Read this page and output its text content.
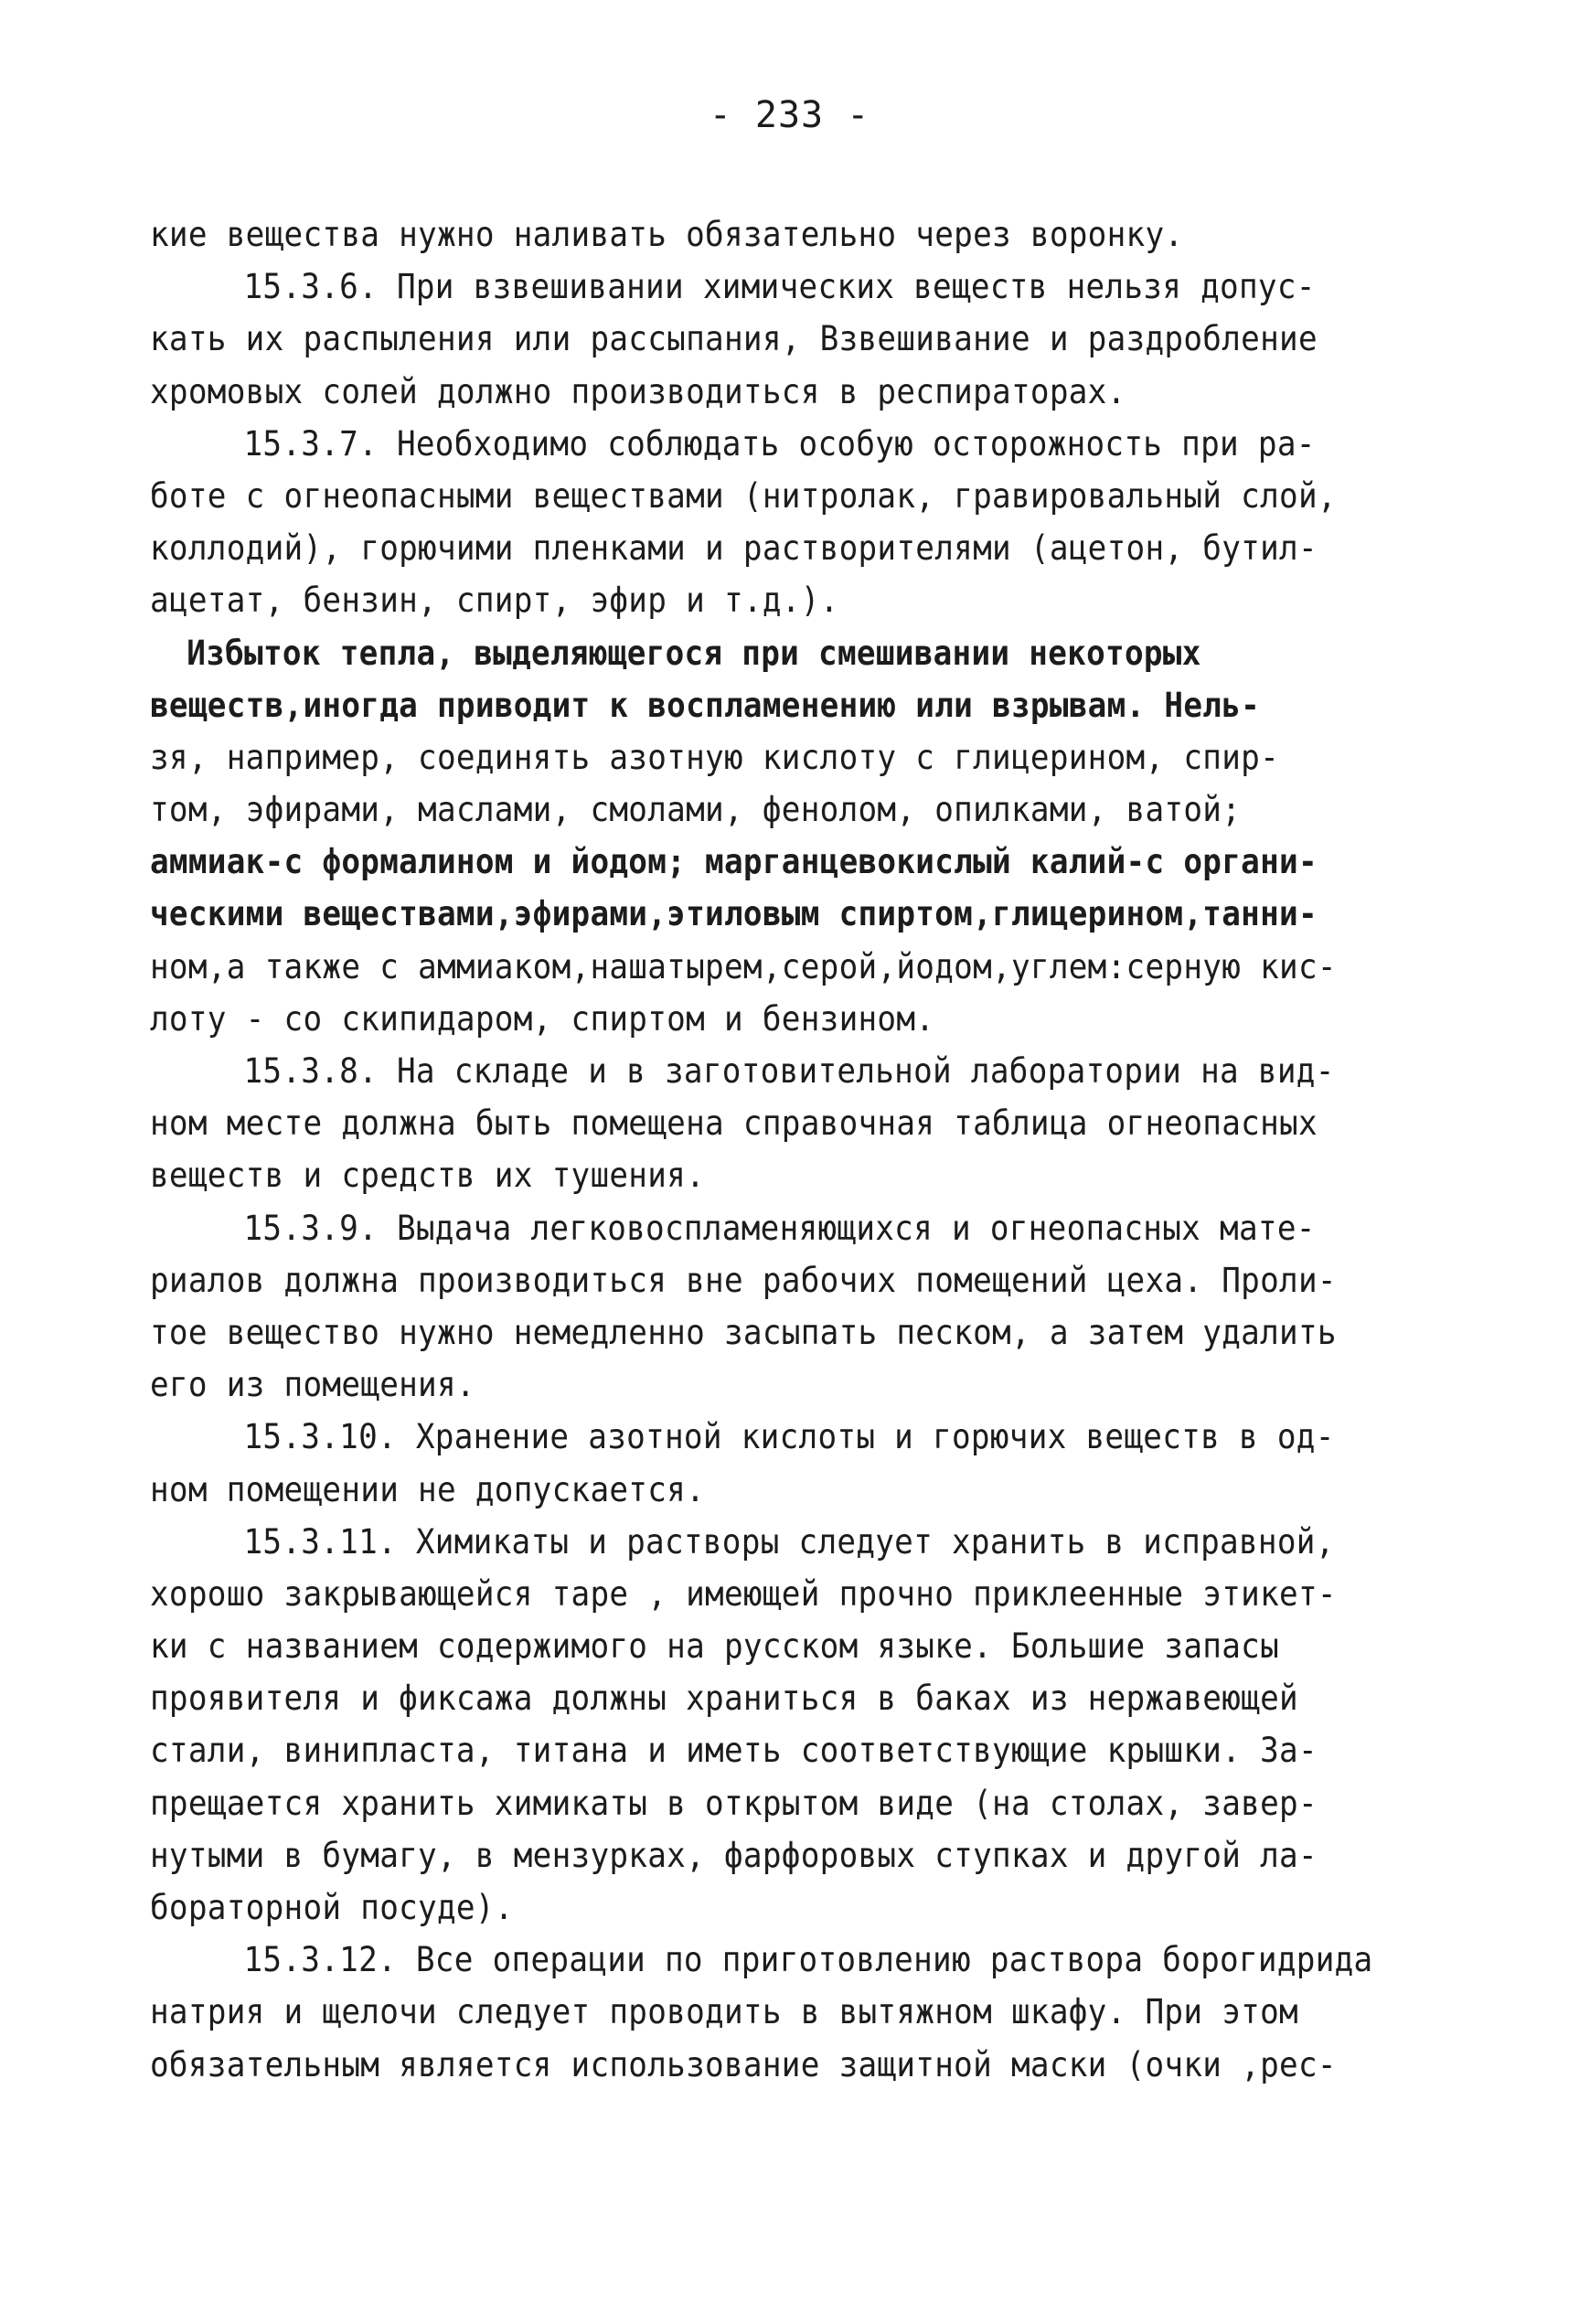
- 233 -
кие вещества нужно наливать обязательно через воронку.
15.3.6. При взвешивании химических веществ нельзя допус-
кать их распыления или рассыпания, Взвешивание и раздробление
хромовых солей должно производиться в респираторах.
15.3.7. Необходимо соблюдать особую осторожность при ра-
боте с огнеопасными веществами (нитролак, гравировальный слой,
коллодий), горючими пленками и растворителями (ацетон, бутил-
ацетат, бензин, спирт, эфир и т.д.).
Избыток тепла, выделяющегося при смешивании некоторых
веществ,иногда приводит к воспламенению или взрывам. Нель-
зя, например, соединять азотную кислоту с глицерином, спир-
том, эфирами, маслами, смолами, фенолом, опилками, ватой;
аммиак-с формалином и йодом; марганцевокислый калий-с органи-
ческими веществами,эфирами,этиловым спиртом,глицерином,танни-
ном,а также с аммиаком,нашатырем,серой,йодом,углем:серную кис-
лоту - со скипидаром, спиртом и бензином.
15.3.8. На складе и в заготовительной лаборатории на вид-
ном месте должна быть помещена справочная таблица огнеопасных
веществ и средств их тушения.
15.3.9. Выдача легковоспламеняющихся и огнеопасных мате-
риалов должна производиться вне рабочих помещений цеха. Проли-
тое вещество нужно немедленно засыпать песком, а затем удалить
его из помещения.
15.3.10. Хранение азотной кислоты и горючих веществ в од-
ном помещении не допускается.
15.3.11. Химикаты и растворы следует хранить в исправной,
хорошо закрывающейся таре , имеющей прочно приклеенные этикет-
ки с названием содержимого на русском языке. Большие запасы
проявителя и фиксажа должны храниться в баках из нержавеющей
стали, винипласта, титана и иметь соответствующие крышки. За-
прещается хранить химикаты в открытом виде (на столах, завер-
нутыми в бумагу, в мензурках, фарфоровых ступках и другой ла-
бораторной посуде).
15.3.12. Все операции по приготовлению раствора борогидрида
натрия и щелочи следует проводить в вытяжном шкафу. При этом
обязательным является использование защитной маски (очки ,рес-
